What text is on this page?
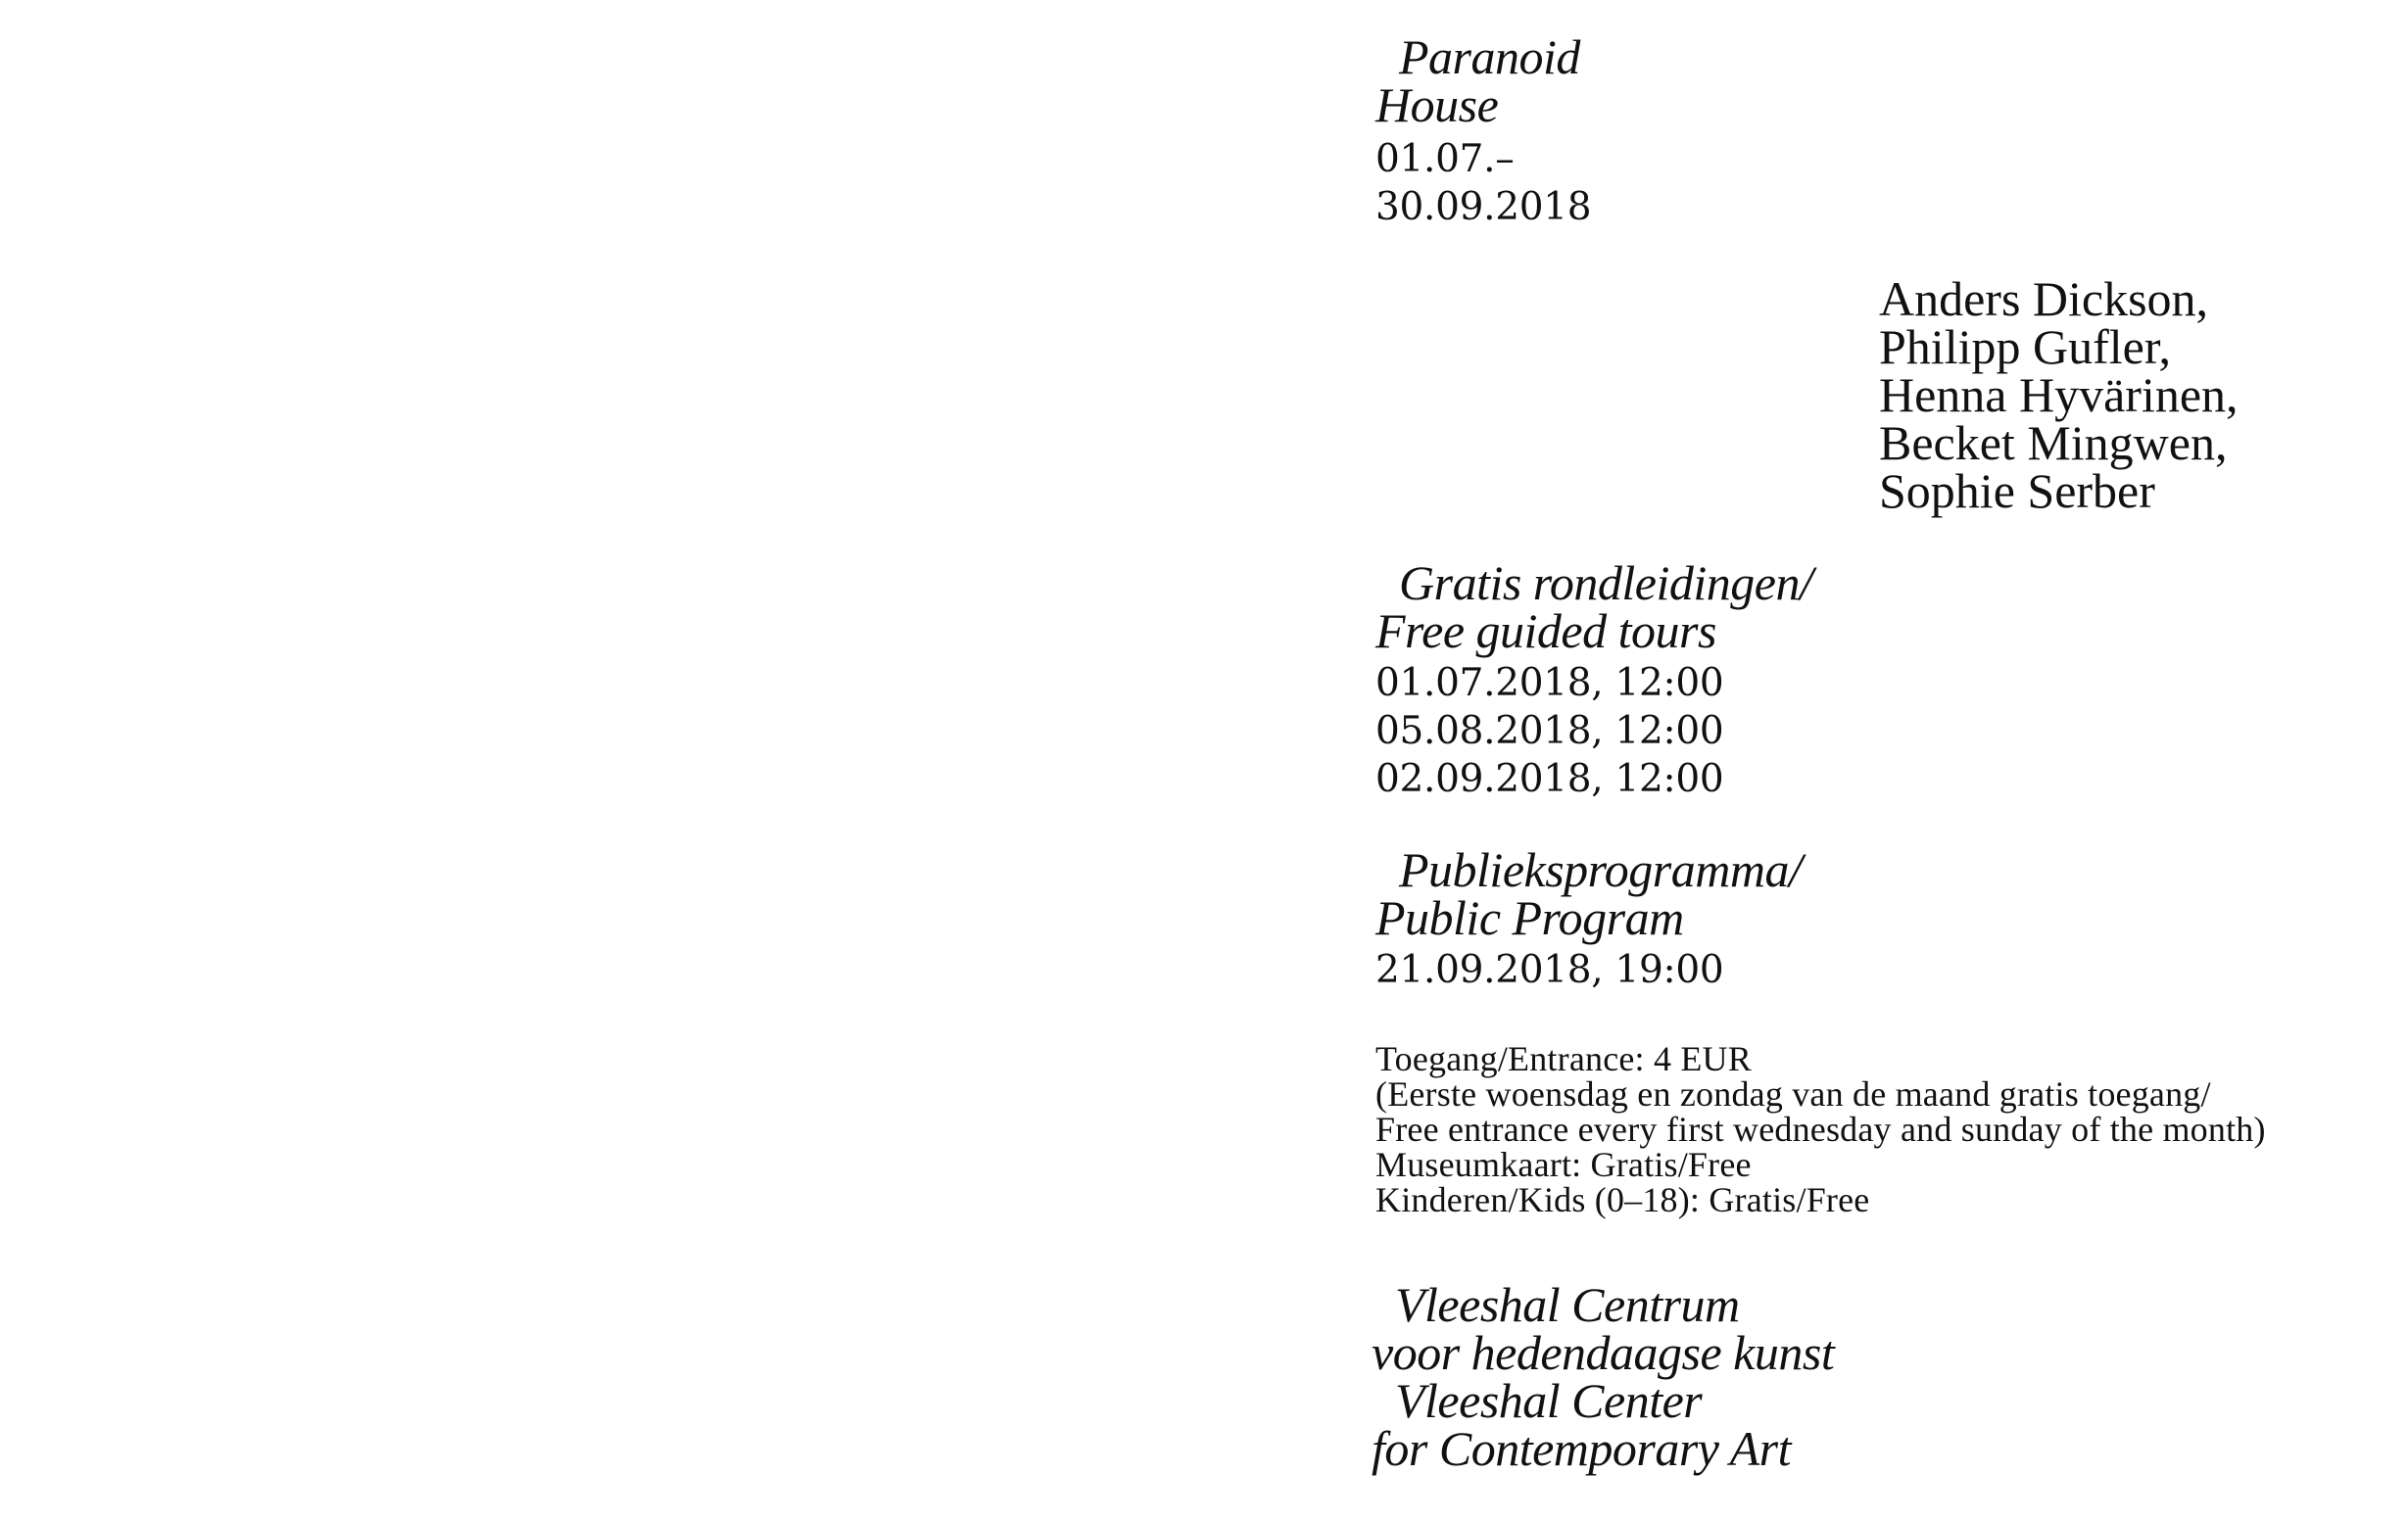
Paranoid
House
01.07.–
30.09.2018
Anders Dickson,
Philipp Gufler,
Henna Hyvärinen,
Becket Mingwen,
Sophie Serber
Gratis rondleidingen/
Free guided tours
01.07.2018, 12:00
05.08.2018, 12:00
02.09.2018, 12:00
Publieksprogramma/
Public Program
21.09.2018, 19:00
Toegang/Entrance: 4 EUR
(Eerste woensdag en zondag van de maand gratis toegang/
Free entrance every first wednesday and sunday of the month)
Museumkaart: Gratis/Free
Kinderen/Kids (0–18): Gratis/Free
Vleeshal Centrum
voor hedendaagse kunst
Vleeshal Center
for Contemporary Art
